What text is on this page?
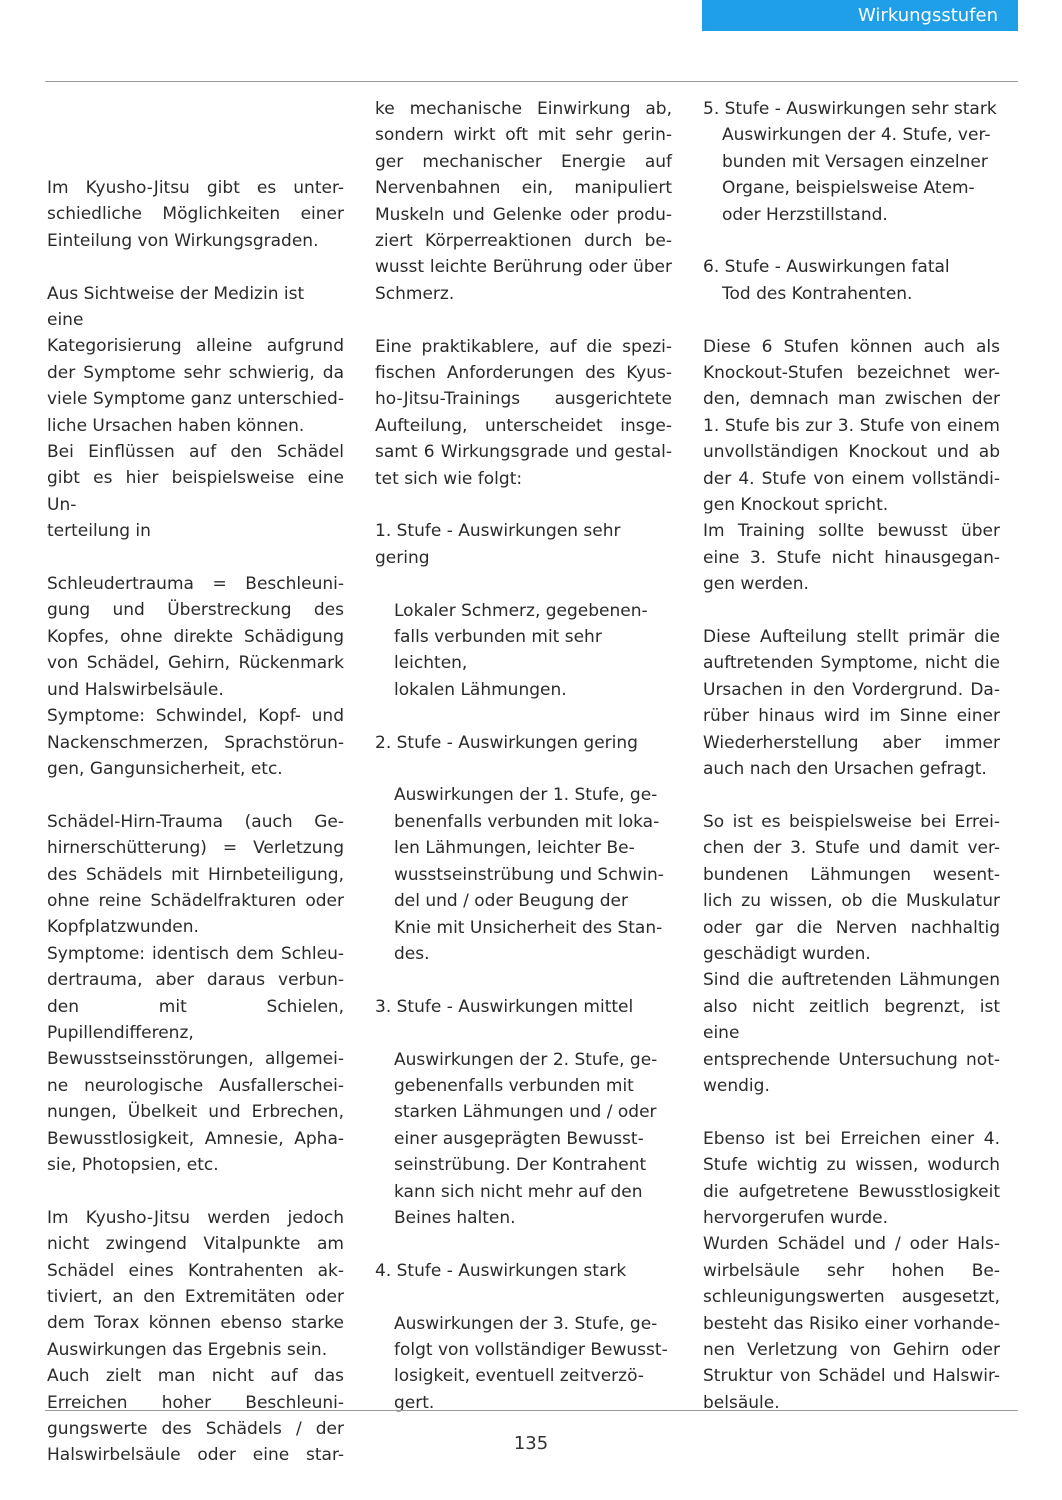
Wirkungsstufen

Im Kyusho-Jitsu gibt es unter-

schiedliche Möglichkeiten einer

Einteilung von Wirkungsgraden.

Aus Sichtweise der Medizin ist eine

Kategorisierung alleine aufgrund

der Symptome sehr schwierig, da

viele Symptome ganz unterschied-

liche Ursachen haben können.

Bei Einflüssen auf den Schädel

gibt es hier beispielsweise eine Un-

terteilung in

Schleudertrauma = Beschleuni-

gung und Überstreckung des

Kopfes, ohne direkte Schädigung

von Schädel, Gehirn, Rückenmark

und Halswirbelsäule.

Symptome: Schwindel, Kopf- und

Nackenschmerzen, Sprachstörun-

gen, Gangunsicherheit, etc.

Schädel-Hirn-Trauma (auch Ge-

hirnerschütterung) = Verletzung

des Schädels mit Hirnbeteiligung,

ohne reine Schädelfrakturen oder

Kopfplatzwunden.

Symptome: identisch dem Schleu-

dertrauma, aber daraus verbun-

den mit Schielen, Pupillendifferenz,

Bewusstseinsstörungen, allgemei-

ne neurologische Ausfallerschei-

nungen, Übelkeit und Erbrechen,

Bewusstlosigkeit, Amnesie, Apha-

sie, Photopsien, etc.

Im Kyusho-Jitsu werden jedoch

nicht zwingend Vitalpunkte am

Schädel eines Kontrahenten ak-

tiviert, an den Extremitäten oder

dem Torax können ebenso starke

Auswirkungen das Ergebnis sein.

Auch zielt man nicht auf das

Erreichen hoher Beschleuni-

gungswerte des Schädels / der

Halswirbelsäule oder eine star-

ke mechanische Einwirkung ab,

sondern wirkt oft mit sehr gerin-

ger mechanischer Energie auf

Nervenbahnen ein, manipuliert

Muskeln und Gelenke oder produ-

ziert Körperreaktionen durch be-

wusst leichte Berührung oder über

Schmerz.

Eine praktikablere, auf die spezi-

fischen Anforderungen des Kyus-

ho-Jitsu-Trainings ausgerichtete

Aufteilung, unterscheidet insge-

samt 6 Wirkungsgrade und gestal-

tet sich wie folgt:

1. Stufe - Auswirkungen sehr gering

Lokaler Schmerz, gegebenen-

falls verbunden mit sehr leichten,

lokalen Lähmungen.

2. Stufe - Auswirkungen gering

Auswirkungen der 1. Stufe, ge-

benenfalls verbunden mit loka-

len Lähmungen, leichter Be-

wusstseinstrübung und Schwin-

del und / oder Beugung der

Knie mit Unsicherheit des Stan-

des.

3. Stufe - Auswirkungen mittel

Auswirkungen der 2. Stufe, ge-

gebenenfalls verbunden mit

starken Lähmungen und / oder

einer ausgeprägten Bewusst-

seinstrübung. Der Kontrahent

kann sich nicht mehr auf den

Beines halten.

4. Stufe - Auswirkungen stark

Auswirkungen der 3. Stufe, ge-

folgt von vollständiger Bewusst-

losigkeit, eventuell zeitverzö-

gert.

5. Stufe - Auswirkungen sehr stark

Auswirkungen der 4. Stufe, ver-

bunden mit Versagen einzelner

Organe, beispielsweise Atem-

oder Herzstillstand.

6. Stufe - Auswirkungen fatal

Tod des Kontrahenten.

Diese 6 Stufen können auch als

Knockout-Stufen bezeichnet wer-

den, demnach man zwischen der

1. Stufe bis zur 3. Stufe von einem

unvollständigen Knockout und ab

der 4. Stufe von einem vollständi-

gen Knockout spricht.

Im Training sollte bewusst über

eine 3. Stufe nicht hinausgegan-

gen werden.

Diese Aufteilung stellt primär die

auftretenden Symptome, nicht die

Ursachen in den Vordergrund. Da-

rüber hinaus wird im Sinne einer

Wiederherstellung aber immer

auch nach den Ursachen gefragt.

So ist es beispielsweise bei Errei-

chen der 3. Stufe und damit ver-

bundenen Lähmungen wesent-

lich zu wissen, ob die Muskulatur

oder gar die Nerven nachhaltig

geschädigt wurden.

Sind die auftretenden Lähmungen

also nicht zeitlich begrenzt, ist eine

entsprechende Untersuchung not-

wendig.

Ebenso ist bei Erreichen einer 4.

Stufe wichtig zu wissen, wodurch

die aufgetretene Bewusstlosigkeit

hervorgerufen wurde.

Wurden Schädel und / oder Hals-

wirbelsäule sehr hohen Be-

schleunigungswerten ausgesetzt,

besteht das Risiko einer vorhande-

nen Verletzung von Gehirn oder

Struktur von Schädel und Halswir-

belsäule.

135
